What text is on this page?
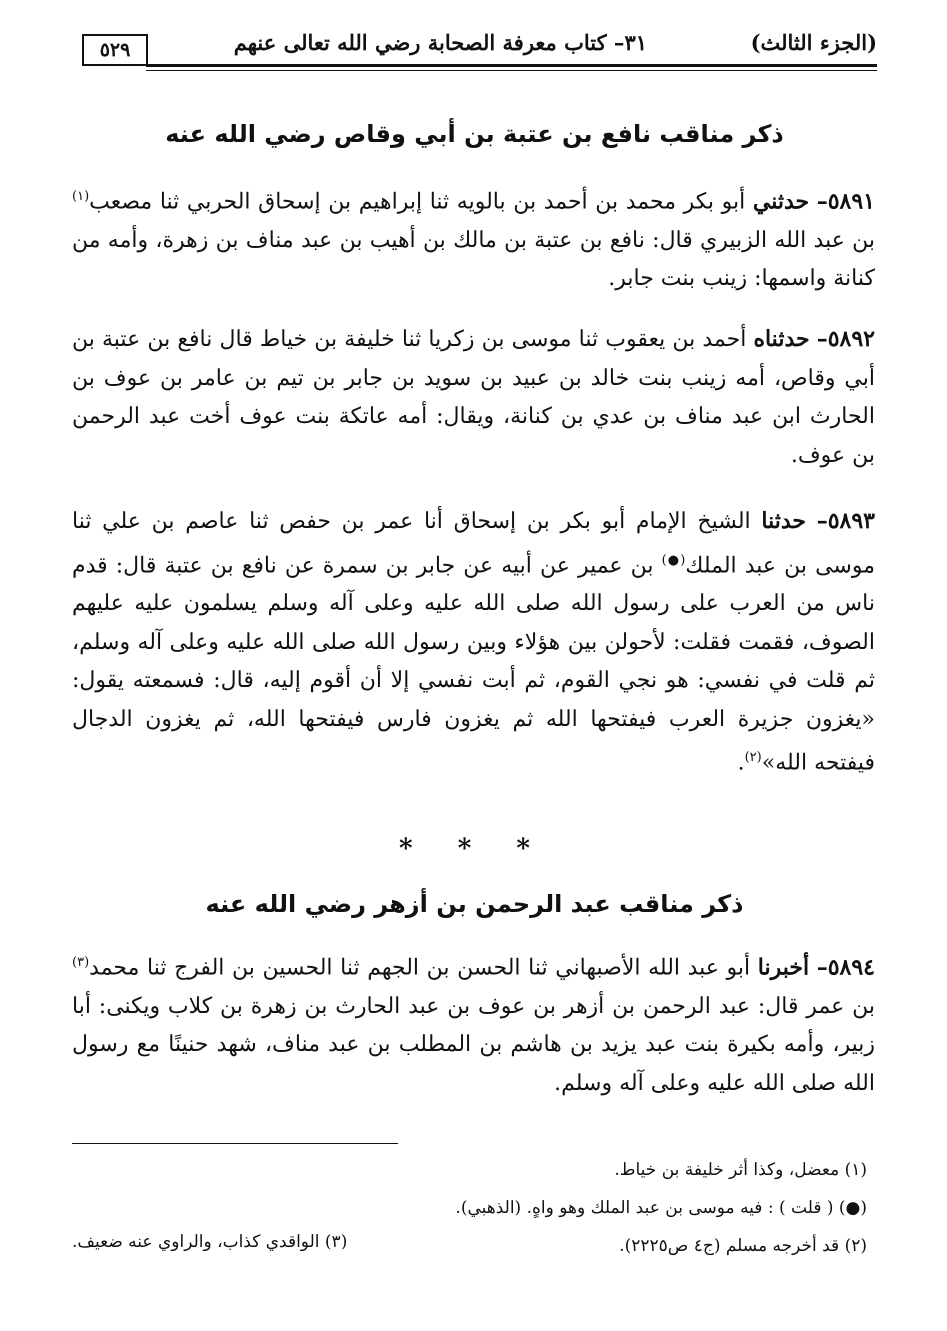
(الجزء الثالث)
٣١– كتاب معرفة الصحابة رضي الله تعالى عنهم
٥٢٩
ذكر مناقب نافع بن عتبة بن أبي وقاص رضي الله عنه
٥٨٩١– حدثني أبو بكر محمد بن أحمد بن بالويه ثنا إبراهيم بن إسحاق الحربي ثنا مصعب$^{(١)}$ بن عبد الله الزبيري قال: نافع بن عتبة بن مالك بن أهيب بن عبد مناف بن زهرة، وأمه من كنانة واسمها: زينب بنت جابر.
٥٨٩٢– حدثناه أحمد بن يعقوب ثنا موسى بن زكريا ثنا خليفة بن خياط قال نافع بن عتبة بن أبي وقاص، أمه زينب بنت خالد بن عبيد بن سويد بن جابر بن تيم بن عامر بن عوف بن الحارث ابن عبد مناف بن عدي بن كنانة، ويقال: أمه عاتكة بنت عوف أخت عبد الرحمن بن عوف.
٥٨٩٣– حدثنا الشيخ الإمام أبو بكر بن إسحاق أنا عمر بن حفص ثنا عاصم بن علي ثنا موسى بن عبد الملك(●) بن عمير عن أبيه عن جابر بن سمرة عن نافع بن عتبة قال: قدم ناس من العرب على رسول الله صلى الله عليه وعلى آله وسلم يسلمون عليه عليهم الصوف، فقمت فقلت: لأحولن بين هؤلاء وبين رسول الله صلى الله عليه وعلى آله وسلم، ثم قلت في نفسي: هو نجي القوم، ثم أبت نفسي إلا أن أقوم إليه، قال: فسمعته يقول: «يغزون جزيرة العرب فيفتحها الله ثم يغزون فارس فيفتحها الله، ثم يغزون الدجال فيفتحه الله»$^{(٢)}$.
* * *
ذكر مناقب عبد الرحمن بن أزهر رضي الله عنه
٥٨٩٤– أخبرنا أبو عبد الله الأصبهاني ثنا الحسن بن الجهم ثنا الحسين بن الفرج ثنا محمد$^{(٣)}$ بن عمر قال: عبد الرحمن بن أزهر بن عوف بن عبد الحارث بن زهرة بن كلاب ويكنى: أبا زبير، وأمه بكيرة بنت عبد يزيد بن هاشم بن المطلب بن عبد مناف، شهد حنينًا مع رسول الله صلى الله عليه وعلى آله وسلم.
(١) معضل، وكذا أثر خليفة بن خياط.
(●) ( قلت ) : فيه موسى بن عبد الملك وهو واهٍ. (الذهبي).
(٢) قد أخرجه مسلم (ج٤ ص٢٢٢٥).
(٣) الواقدي كذاب، والراوي عنه ضعيف.
